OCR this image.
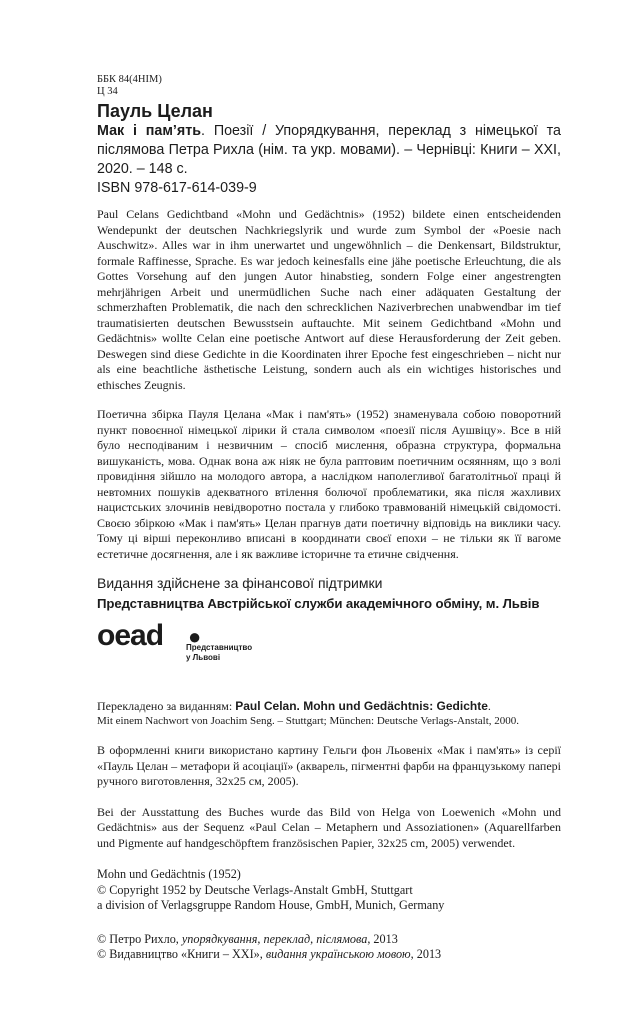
ББК 84(4НІМ)
Ц 34
Пауль Целан
Мак і пам’ять. Поезії / Упорядкування, переклад з німецької та післямова Петра Рихла (нім. та укр. мовами). – Чернівці: Книги – XXI, 2020. – 148 с.
ISBN 978-617-614-039-9
Paul Celans Gedichtband «Mohn und Gedächtnis» (1952) bildete einen entscheidenden Wendepunkt der deutschen Nachkriegslyrik und wurde zum Symbol der «Poesie nach Auschwitz». Alles war in ihm unerwartet und ungewöhnlich – die Denkensart, Bildstruktur, formale Raffinesse, Sprache. Es war jedoch keinesfalls eine jähe poetische Erleuchtung, die als Gottes Vorsehung auf den jungen Autor hinabstieg, sondern Folge einer angestrengten mehrjährigen Arbeit und unermüdlichen Suche nach einer adäquaten Gestaltung der schmerzhaften Problematik, die nach den schrecklichen Naziverbrechen unabwendbar im tief traumatisierten deutschen Bewusstsein auftauchte. Mit seinem Gedichtband «Mohn und Gedächtnis» wollte Celan eine poetische Antwort auf diese Herausforderung der Zeit geben. Deswegen sind diese Gedichte in die Koordinaten ihrer Epoche fest eingeschrieben – nicht nur als eine beachtliche ästhetische Leistung, sondern auch als ein wichtiges historisches und ethisches Zeugnis.
Поетична збірка Пауля Целана «Мак і пам'ять» (1952) знаменувала собою поворотний пункт повоєнної німецької лірики й стала символом «поезії після Аушвіцу». Все в ній було несподіваним і незвичним – спосіб мислення, образна структура, формальна вишуканість, мова. Однак вона аж ніяк не була раптовим поетичним осяянням, що з волі провидіння зійшло на молодого автора, а наслідком наполегливої багатолітньої праці й невтомних пошуків адекватного втілення болючої проблематики, яка після жахливих нацистських злочинів невідворотно постала у глибоко травмованій німецькій свідомості. Своєю збіркою «Мак і пам'ять» Целан прагнув дати поетичну відповідь на виклики часу. Тому ці вірші переконливо вписані в координати своєї епохи – не тільки як її вагоме естетичне досягнення, але і як важливе історичне та етичне свідчення.
Видання здійснене за фінансової підтримки
Представництва Австрійської служби академічного обміну, м. Львів
oead ●
Представництво
у Львові
Перекладено за виданням: Paul Celan. Mohn und Gedächtnis: Gedichte.
Mit einem Nachwort von Joachim Seng. – Stuttgart; München: Deutsche Verlags-Anstalt, 2000.
В оформленні книги використано картину Гельги фон Льовеніх «Мак і пам'ять» із серії «Пауль Целан – метафори й асоціації» (акварель, пігментні фарби на французькому папері ручного виготовлення, 32x25 см, 2005).
Bei der Ausstattung des Buches wurde das Bild von Helga von Loewenich «Mohn und Gedächtnis» aus der Sequenz «Paul Celan – Metaphern und Assoziationen» (Aquarellfarben und Pigmente auf handgeschöpftem französischen Papier, 32x25 cm, 2005) verwendet.
Mohn und Gedächtnis (1952)
© Copyright 1952 by Deutsche Verlags-Anstalt GmbH, Stuttgart
a division of Verlagsgruppe Random House, GmbH, Munich, Germany
© Петро Рихло, упорядкування, переклад, післямова, 2013
© Видавництво «Книги – XXI», видання українською мовою, 2013
